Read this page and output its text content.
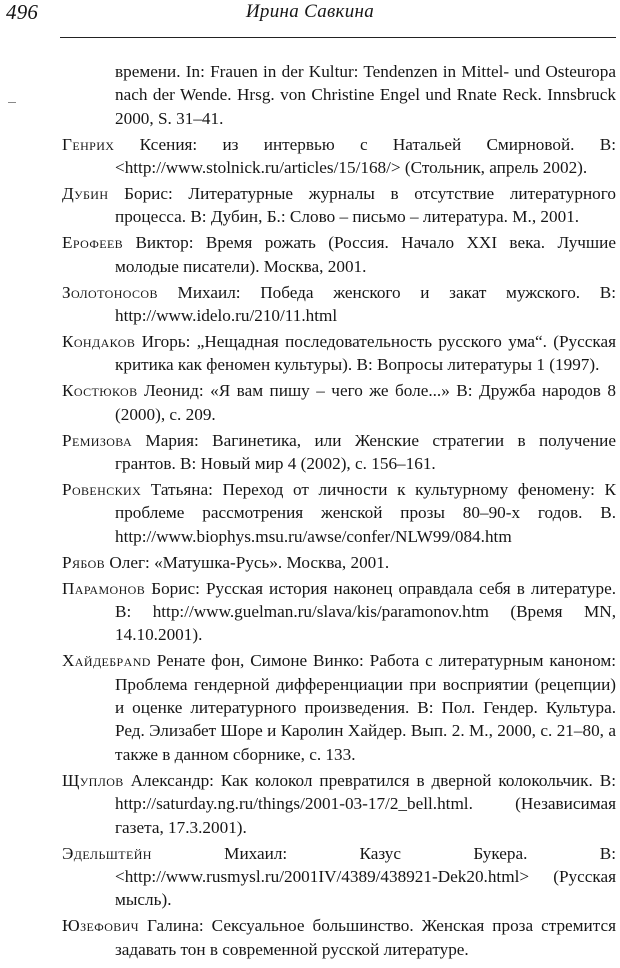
496	Ирина Савкина

времени. In: Frauen in der Kultur: Tendenzen in Mittel- und Osteuropa nach der Wende. Hrsg. von Christine Engel und Rnate Reck. Innsbruck 2000, S. 31–41.

Генрих Ксения: из интервью с Натальей Смирновой. В: <http://www.stolnick.ru/articles/15/168/> (Стольник, апрель 2002).

Дубин Борис: Литературные журналы в отсутствие литературного процесса. В: Дубин, Б.: Слово – письмо – литература. М., 2001.

Ерофеев Виктор: Время рожать (Россия. Начало XXI века. Лучшие молодые писатели). Москва, 2001.

Золотоносов Михаил: Победа женского и закат мужского. В: http://www.idelo.ru/210/11.html

Кондаков Игорь: „Нещадная последовательность русского ума“. (Русская критика как феномен культуры). В: Вопросы литературы 1 (1997).

Костюков Леонид: «Я вам пишу – чего же боле...» В: Дружба народов 8 (2000), с. 209.

Ремизова Мария: Вагинетика, или Женские стратегии в получение грантов. В: Новый мир 4 (2002), с. 156–161.

Ровенских Татьяна: Переход от личности к культурному феномену: К проблеме рассмотрения женской прозы 80–90-х годов. В. http://www.biophys.msu.ru/awse/confer/NLW99/084.htm

Рябов Олег: «Матушка-Русь». Москва, 2001.

Парамонов Борис: Русская история наконец оправдала себя в литературе. В: http://www.guelman.ru/slava/kis/paramonov.htm (Время MN, 14.10.2001).

Хайдебрand Ренате фон, Симоне Винко: Работа с литературным каноном: Проблема гендерной дифференциации при восприятии (рецепции) и оценке литературного произведения. В: Пол. Гендер. Культура. Ред. Элизабет Шоре и Каролин Хайдер. Вып. 2. М., 2000, с. 21–80, а также в данном сборнике, с. 133.

Щуплов Александр: Как колокол превратился в дверной колокольчик. В: http://saturday.ng.ru/things/2001-03-17/2_bell.html. (Независимая газета, 17.3.2001).

Эдельштейн Михаил: Казус Букера. В: <http://www.rusmysl.ru/2001IV/4389/438921-Dek20.html> (Русская мысль).

Юзефович Галина: Сексуальное большинство. Женская проза стремится задавать тон в современной русской литературе.
